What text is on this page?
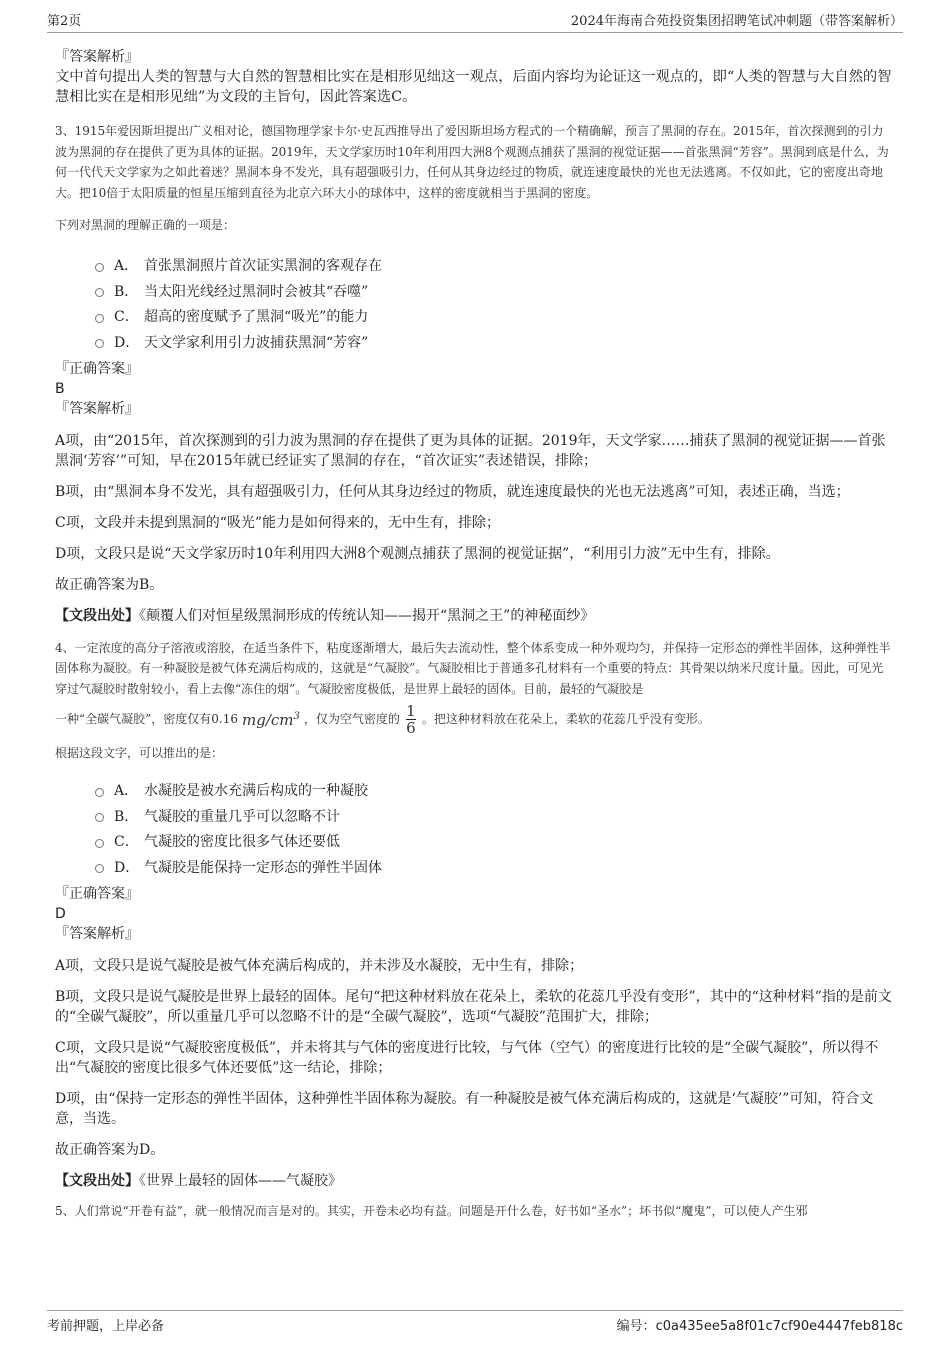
第2页	2024年海南合苑投资集团招聘笔试冲刺题（带答案解析）

『答案解析』

文中首句提出人类的智慧与大自然的智慧相比实在是相形见绌这一观点，后面内容均为论证这一观点的，即“人类的智慧与大自然的智慧相比实在是相形见绌”为文段的主旨句，因此答案选C。

3、1915年爱因斯坦提出广义相对论，德国物理学家卡尔·史瓦西推导出了爱因斯坦场方程式的一个精确解，预言了黑洞的存在。2015年，首次探测到的引力波为黑洞的存在提供了更为具体的证据。2019年，天文学家历时10年利用四大洲8个观测点捕获了黑洞的视觉证据——首张黑洞“芳容”。黑洞到底是什么，为何一代代天文学家为之如此着迷？黑洞本身不发光，具有超强吸引力，任何从其身边经过的物质，就连速度最快的光也无法逃离。不仅如此，它的密度出奇地大。把10倍于太阳质量的恒星压缩到直径为北京六环大小的球体中，这样的密度就相当于黑洞的密度。

下列对黑洞的理解正确的一项是：

A． 首张黑洞照片首次证实黑洞的客观存在
B． 当太阳光线经过黑洞时会被其“吞噬”
C． 超高的密度赋予了黑洞“吸光”的能力
D． 天文学家利用引力波捕获黑洞“芳容”

『正确答案』

B

『答案解析』

A项，由“2015年，首次探测到的引力波为黑洞的存在提供了更为具体的证据。2019年，天文学家……捕获了黑洞的视觉证据——首张黑洞‘芳容’”可知，早在2015年就已经证实了黑洞的存在，“首次证实”表述错误，排除；

B项，由“黑洞本身不发光，具有超强吸引力，任何从其身边经过的物质，就连速度最快的光也无法逃离”可知，表述正确，当选；

C项，文段并未提到黑洞的“吸光”能力是如何得来的，无中生有，排除；

D项，文段只是说“天文学家历时10年利用四大洲8个观测点捕获了黑洞的视觉证据”，“利用引力波”无中生有，排除。

故正确答案为B。

【文段出处】《颠覆人们对恒星级黑洞形成的传统认知——揭开“黑洞之王”的神秘面纱》

4、一定浓度的高分子溶液或溶胶，在适当条件下，粘度逐渐增大，最后失去流动性，整个体系变成一种外观均匀，并保持一定形态的弹性半固体，这种弹性半固体称为凝胶。有一种凝胶是被气体充满后构成的，这就是“气凝胶”。气凝胶相比于普通多孔材料有一个重要的特点：其骨架以纳米尺度计量。因此，可见光穿过气凝胶时散射较小，看上去像“冻住的烟”。气凝胶密度极低，是世界上最轻的固体。目前，最轻的气凝胶是

一种“全碳气凝胶”，密度仅有0.16 $mg/cm^3$ ，仅为空气密度的 $\frac{1}{6}$ 。把这种材料放在花朵上，柔软的花蕊几乎没有变形。

根据这段文字，可以推出的是：

A． 水凝胶是被水充满后构成的一种凝胶
B． 气凝胶的重量几乎可以忽略不计
C． 气凝胶的密度比很多气体还要低
D． 气凝胶是能保持一定形态的弹性半固体

『正确答案』

D

『答案解析』

A项，文段只是说气凝胶是被气体充满后构成的，并未涉及水凝胶，无中生有，排除；

B项，文段只是说气凝胶是世界上最轻的固体。尾句“把这种材料放在花朵上，柔软的花蕊几乎没有变形”，其中的“这种材料”指的是前文的“全碳气凝胶”，所以重量几乎可以忽略不计的是“全碳气凝胶”，选项“气凝胶”范围扩大，排除；

C项，文段只是说“气凝胶密度极低”，并未将其与气体的密度进行比较，与气体（空气）的密度进行比较的是“全碳气凝胶”，所以得不出“气凝胶的密度比很多气体还要低”这一结论，排除；

D项，由“保持一定形态的弹性半固体，这种弹性半固体称为凝胶。有一种凝胶是被气体充满后构成的，这就是‘气凝胶’”可知，符合文意，当选。

故正确答案为D。

【文段出处】《世界上最轻的固体——气凝胶》

5、人们常说“开卷有益”，就一般情况而言是对的。其实，开卷未必均有益。问题是开什么卷，好书如“圣水”；坏书似“魔鬼”，可以使人产生邪

考前押题，上岸必备	编号：c0a435ee5a8f01c7cf90e4447feb818c
